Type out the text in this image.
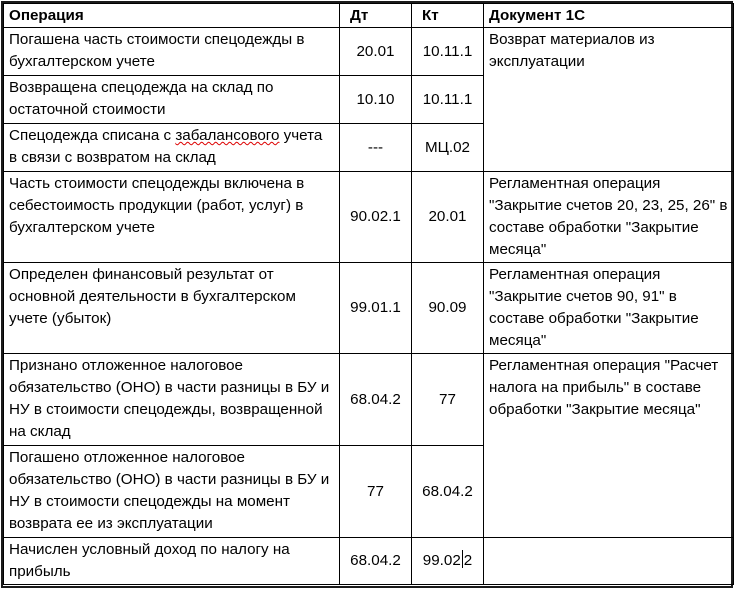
Операция	Дт	Кт	Документ 1С
Погашена часть стоимости спецодежды в бухгалтерском учете	20.01	10.11.1	Возврат материалов из эксплуатации
Возвращена спецодежда на склад по остаточной стоимости	10.10	10.11.1	
Спецодежда списана с забалансового учета в связи с возвратом на склад	---	МЦ.02	
Часть стоимости спецодежды включена в себестоимость продукции (работ, услуг) в бухгалтерском учете	90.02.1	20.01	Регламентная операция "Закрытие счетов 20, 23, 25, 26" в составе обработки "Закрытие месяца"
Определен финансовый результат от основной деятельности в бухгалтерском учете (убыток)	99.01.1	90.09	Регламентная операция "Закрытие счетов 90, 91" в составе обработки "Закрытие месяца"
Признано отложенное налоговое обязательство (ОНО) в части разницы в БУ и НУ в стоимости спецодежды, возвращенной на склад	68.04.2	77	Регламентная операция "Расчет налога на прибыль" в составе обработки "Закрытие месяца"
Погашено отложенное налоговое обязательство (ОНО) в части разницы в БУ и НУ в стоимости спецодежды на момент возврата ее из эксплуатации	77	68.04.2	
Начислен условный доход по налогу на прибыль	68.04.2	99.02 2	
